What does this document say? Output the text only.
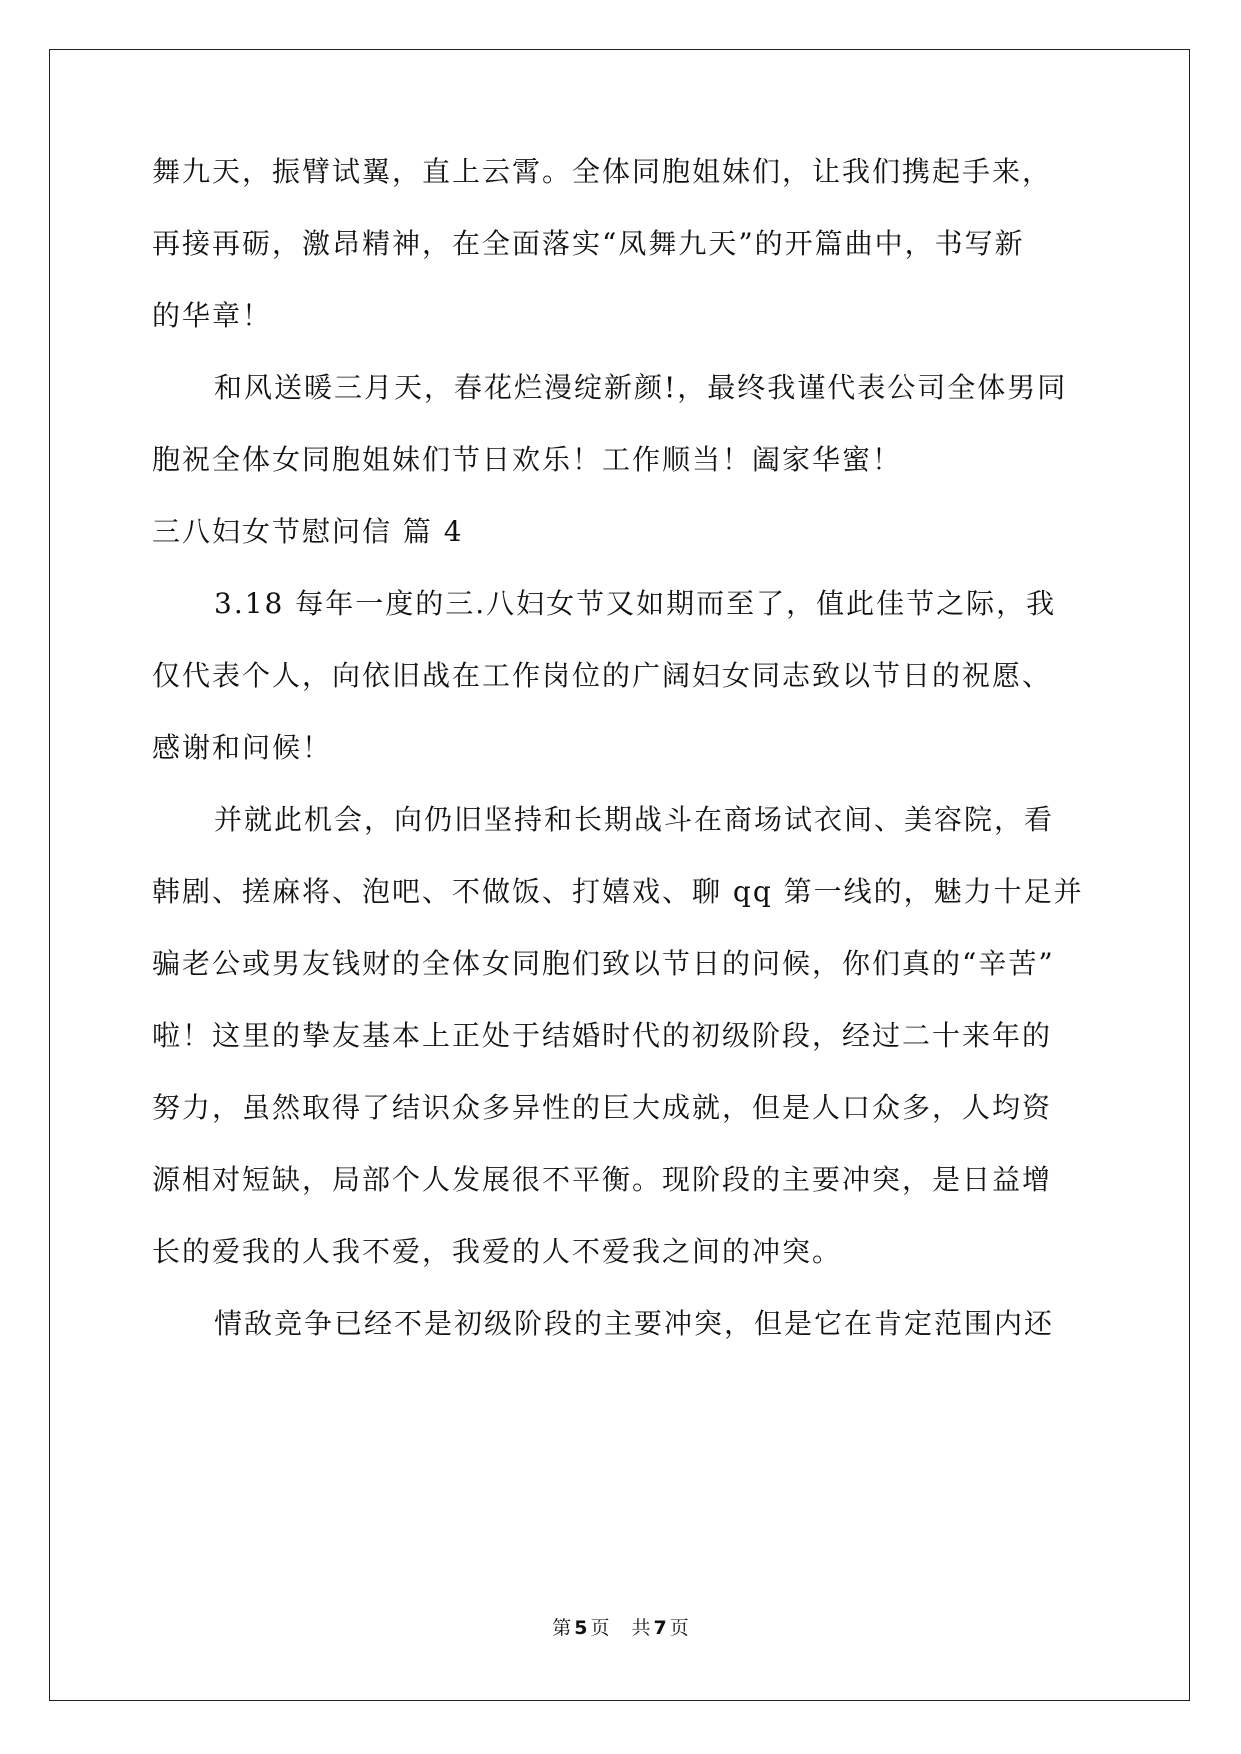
舞九天，振臂试翼，直上云霄。全体同胞姐妹们，让我们携起手来，
再接再砺，激昂精神，在全面落实“凤舞九天”的开篇曲中，书写新
的华章！
和风送暖三月天，春花烂漫绽新颜!，最终我谨代表公司全体男同
胞祝全体女同胞姐妹们节日欢乐！工作顺当！阖家华蜜！
三八妇女节慰问信 篇 4
3.18 每年一度的三.八妇女节又如期而至了，值此佳节之际，我
仅代表个人，向依旧战在工作岗位的广阔妇女同志致以节日的祝愿、
感谢和问候！
并就此机会，向仍旧坚持和长期战斗在商场试衣间、美容院，看
韩剧、搓麻将、泡吧、不做饭、打嬉戏、聊 qq 第一线的，魅力十足并
骗老公或男友钱财的全体女同胞们致以节日的问候，你们真的“辛苦”
啦！这里的挚友基本上正处于结婚时代的初级阶段，经过二十来年的
努力，虽然取得了结识众多异性的巨大成就，但是人口众多，人均资
源相对短缺，局部个人发展很不平衡。现阶段的主要冲突，是日益增
长的爱我的人我不爱，我爱的人不爱我之间的冲突。
情敌竞争已经不是初级阶段的主要冲突，但是它在肯定范围内还
第 5 页 共 7 页
